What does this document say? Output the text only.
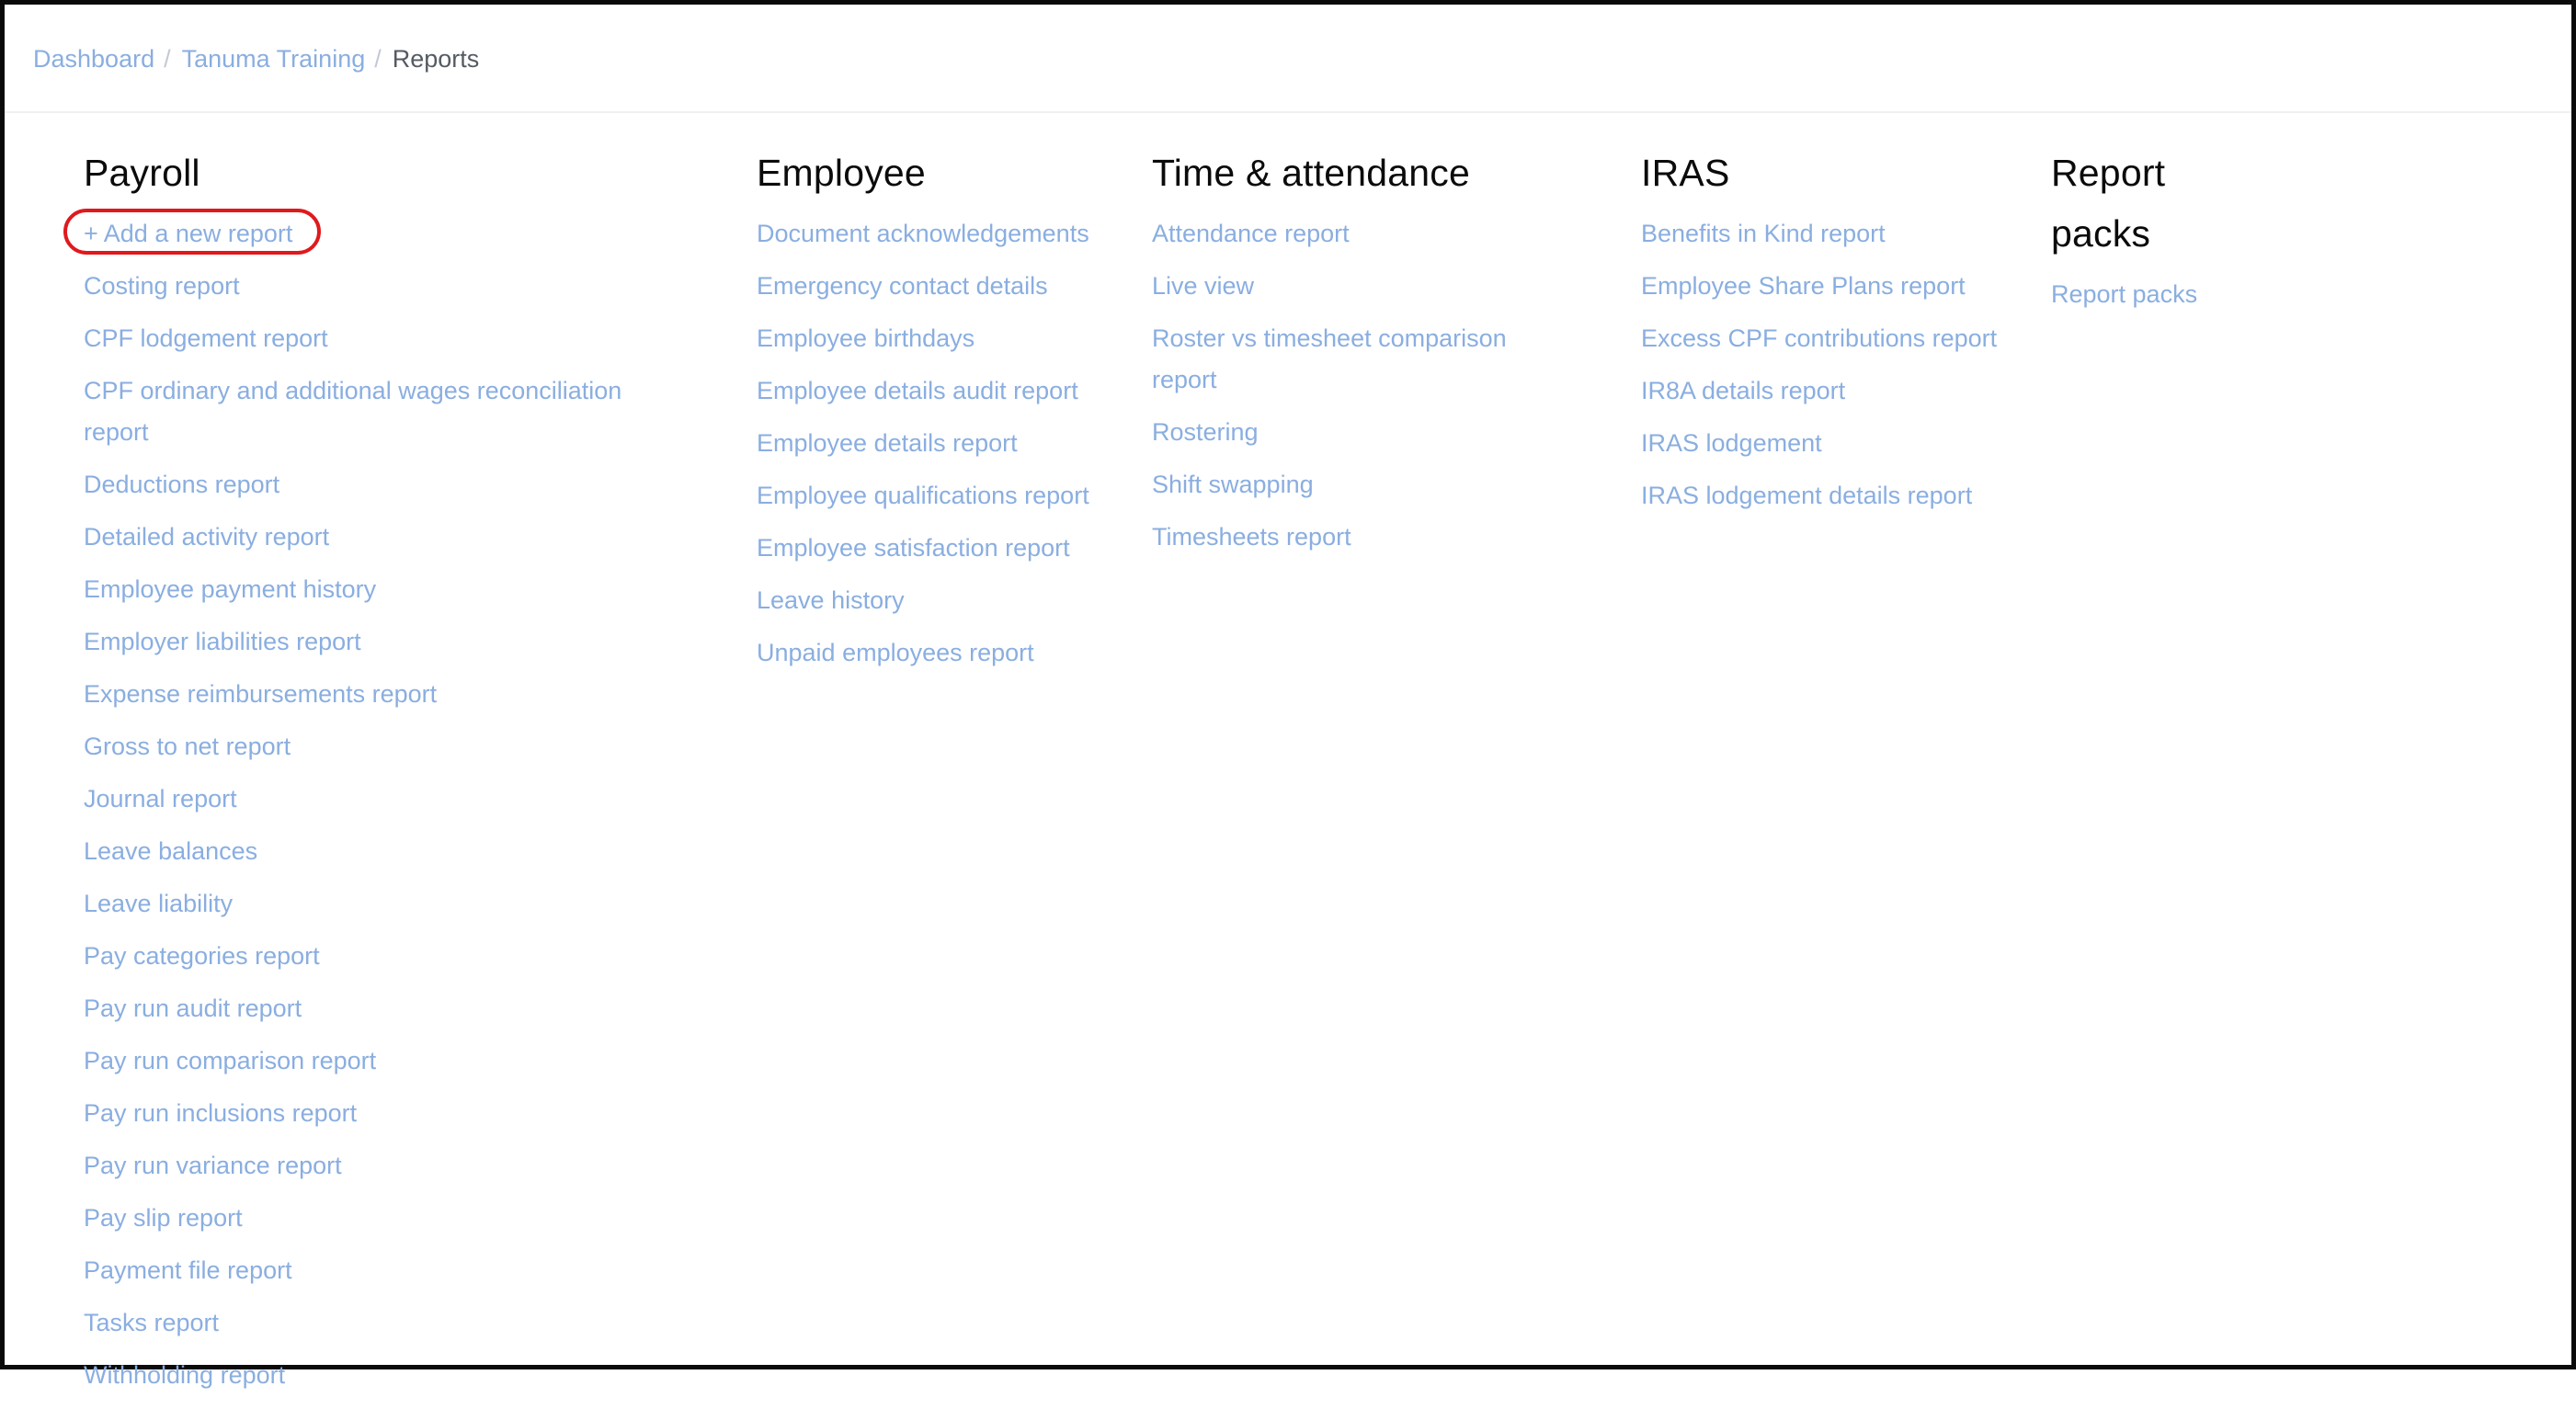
Dashboard / Tanuma Training / Reports
Payroll
+ Add a new report
Costing report
CPF lodgement report
CPF ordinary and additional wages reconciliation report
Deductions report
Detailed activity report
Employee payment history
Employer liabilities report
Expense reimbursements report
Gross to net report
Journal report
Leave balances
Leave liability
Pay categories report
Pay run audit report
Pay run comparison report
Pay run inclusions report
Pay run variance report
Pay slip report
Payment file report
Tasks report
Withholding report
Employee
Document acknowledgements
Emergency contact details
Employee birthdays
Employee details audit report
Employee details report
Employee qualifications report
Employee satisfaction report
Leave history
Unpaid employees report
Time & attendance
Attendance report
Live view
Roster vs timesheet comparison report
Rostering
Shift swapping
Timesheets report
IRAS
Benefits in Kind report
Employee Share Plans report
Excess CPF contributions report
IR8A details report
IRAS lodgement
IRAS lodgement details report
Report packs
Report packs
